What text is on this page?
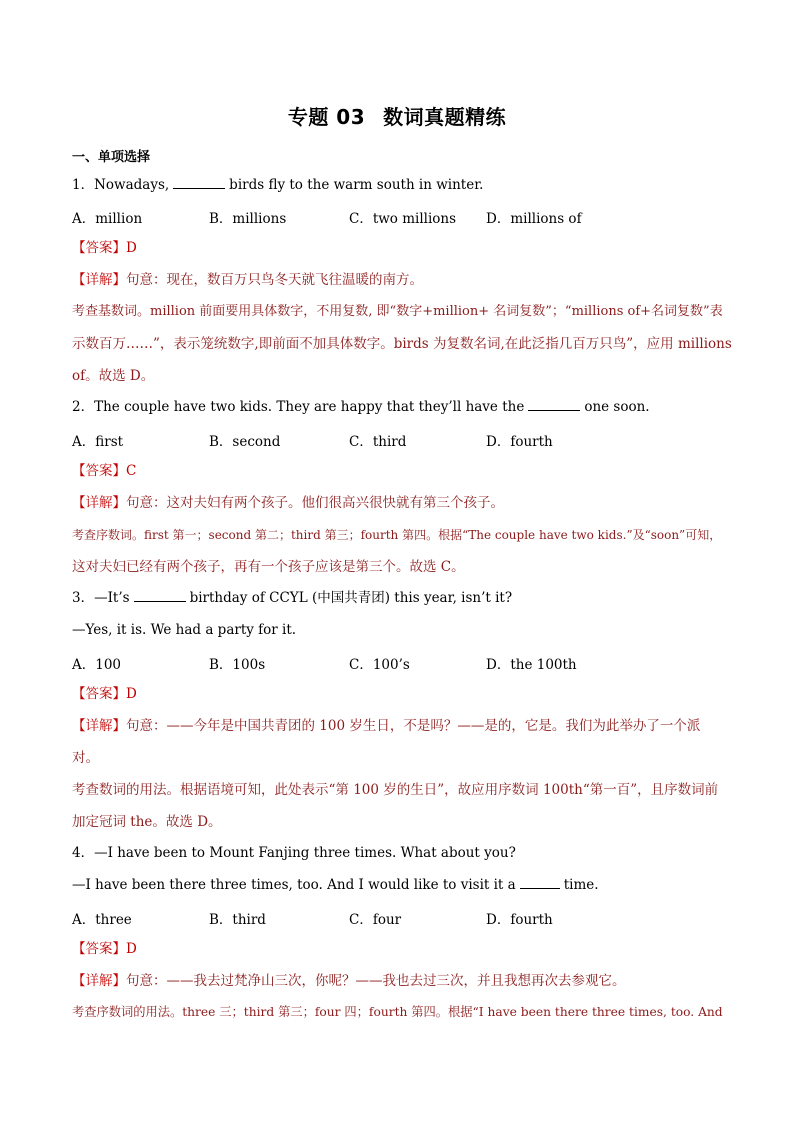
专题 03 数词真题精练
一、单项选择
1．Nowadays,	birds fly to the warm south in winter.
A．million	B．millions	C．two millions D．millions of
【答案】D
【详解】句意：现在，数百万只鸟冬天就飞往温暖的南方。
考查基数词。million 前面要用具体数字，不用复数, 即“数字+million+ 名词复数”；“millions of+名词复数”表
示数百万……”，表示笼统数字,即前面不加具体数字。birds 为复数名词,在此泛指几百万只鸟”，应用 millions
of。故选 D。
2．The couple have two kids. They are happy that they’ll have the	one soon.
A．first	B．second	C．third	D．fourth
【答案】C
【详解】句意：这对夫妇有两个孩子。他们很高兴很快就有第三个孩子。
考查序数词。first 第一；second 第二；third 第三；fourth 第四。根据“The couple have two kids.”及“soon”可知，
这对夫妇已经有两个孩子，再有一个孩子应该是第三个。故选 C。
3．—It’s	birthday of CCYL (中国共青团) this year, isn’t it?
—Yes, it is. We had a party for it.
A．100	B．100s	C．100’s	D．the 100th
【答案】D
【详解】句意：——今年是中国共青团的 100 岁生日，不是吗？——是的，它是。我们为此举办了一个派
对。
考查数词的用法。根据语境可知，此处表示“第 100 岁的生日”，故应用序数词 100th“第一百”，且序数词前
加定冠词 the。故选 D。
4．—I have been to Mount Fanjing three times. What about you?
—I have been there three times, too. And I would like to visit it a	time.
A．three	B．third	C．four	D．fourth
【答案】D
【详解】句意：——我去过梵净山三次，你呢？——我也去过三次，并且我想再次去参观它。
考查序数词的用法。three 三；third 第三；four 四；fourth 第四。根据“I have been there three times, too. And
